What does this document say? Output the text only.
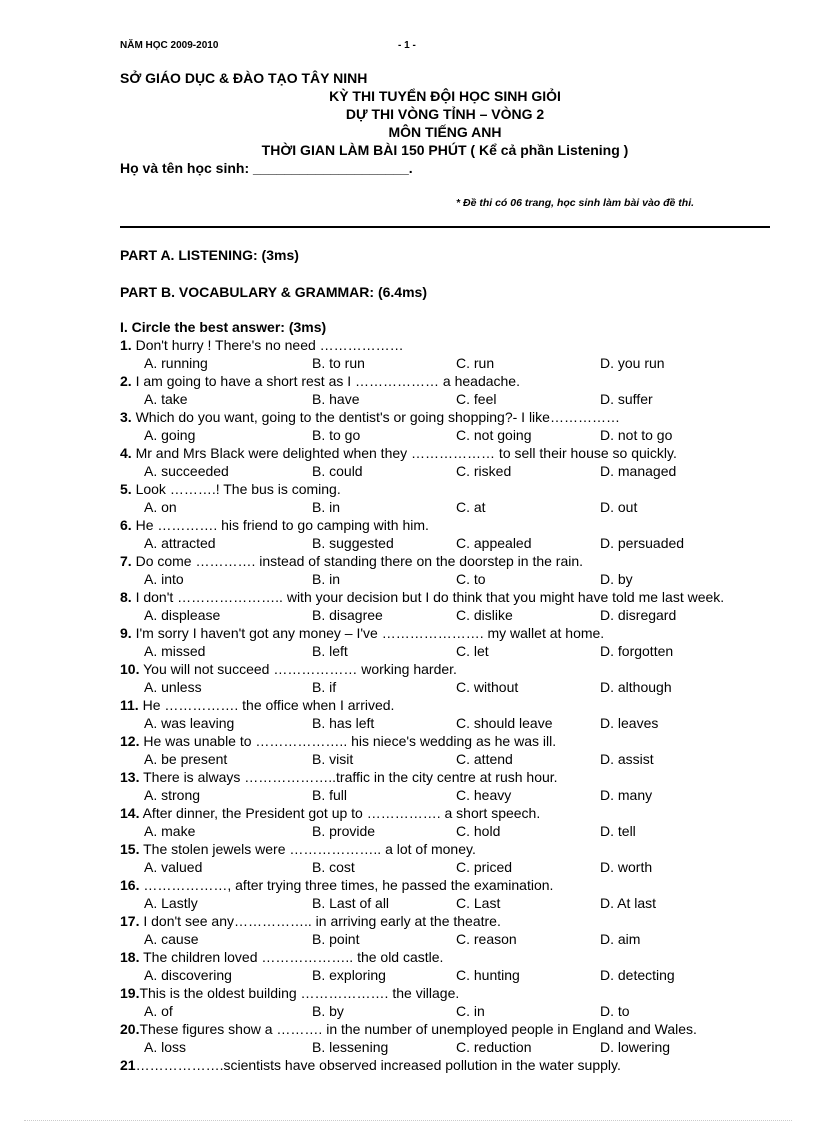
NĂM HỌC 2009-2010	- 1 -
SỞ GIÁO DỤC & ĐÀO TẠO TÂY NINH
KỲ THI TUYỂN ĐỘI HỌC SINH GIỎI
DỰ THI VÒNG TỈNH – VÒNG 2
MÔN TIẾNG ANH
THỜI GIAN LÀM BÀI 150 PHÚT ( Kể cả phần Listening )
Họ và tên học sinh: ____________________.
* Đề thi có 06 trang, học sinh làm bài vào đề thi.
PART A. LISTENING: (3ms)
PART B. VOCABULARY & GRAMMAR: (6.4ms)
I. Circle the best answer: (3ms)
1. Don't hurry ! There's no need ………………
A. running	B. to run	C. run	D. you run
2. I am going to have a short rest as I ……………… a headache.
A. take	B. have	C. feel	D. suffer
3. Which do you want, going to the dentist's or going shopping?- I like……………
A. going	B. to go	C. not going	D. not to go
4. Mr and Mrs Black were delighted when they ……………… to sell their house so quickly.
A. succeeded	B. could	C. risked	D. managed
5. Look ……….! The bus is coming.
A. on	B. in	C. at	D. out
6. He …………. his friend to go camping with him.
A. attracted	B. suggested	C. appealed	D. persuaded
7. Do come …………. instead of standing there on the doorstep in the rain.
A. into	B. in	C. to	D. by
8. I don't ………………….. with your decision but I do think that you might have told me last week.
A. displease	B. disagree	C. dislike	D. disregard
9. I'm sorry I haven't got any money – I've …………………. my wallet at home.
A. missed	B. left	C. let	D. forgotten
10. You will not succeed ……………… working harder.
A. unless	B. if	C. without	D. although
11. He ……………. the office when I arrived.
A. was leaving	B. has left	C. should leave	D. leaves
12. He was unable to ……………….. his niece's wedding as he was ill.
A. be present	B. visit	C. attend	D. assist
13. There is always ………………..traffic in the city centre at rush hour.
A. strong	B. full	C. heavy	D. many
14. After dinner, the President got up to ……………. a short speech.
A. make	B. provide	C. hold	D. tell
15. The stolen jewels were ……………….. a lot of money.
A. valued	B. cost	C. priced	D. worth
16. ………………, after trying three times, he passed the examination.
A. Lastly	B. Last of all	C. Last	D. At last
17. I don't see any…………….. in arriving early at the theatre.
A. cause	B. point	C. reason	D. aim
18. The children loved ……………….. the old castle.
A. discovering	B. exploring	C. hunting	D. detecting
19.This is the oldest building ………………. the village.
A. of	B. by	C. in	D. to
20.These figures show a ………. in the number of unemployed people in England and Wales.
A. loss	B. lessening	C. reduction	D. lowering
21……………….scientists have observed increased pollution in the water supply.
